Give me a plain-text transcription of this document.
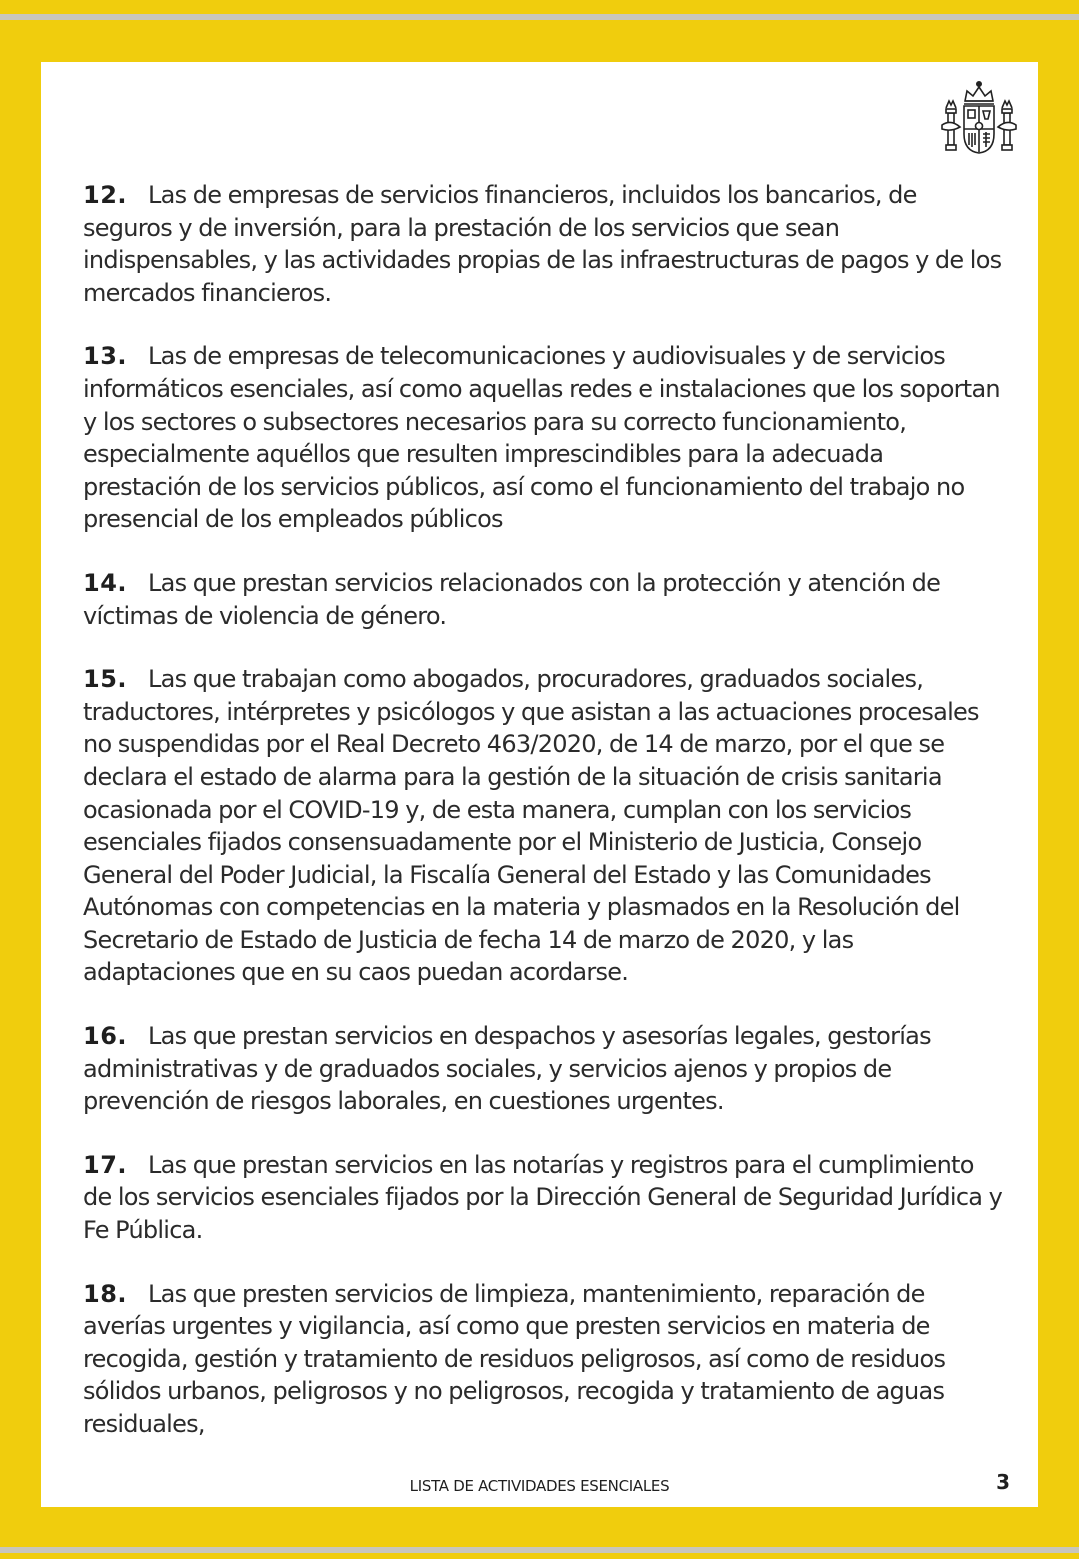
12. Las de empresas de servicios financieros, incluidos los bancarios, de seguros y de inversión, para la prestación de los servicios que sean indispensables, y las actividades propias de las infraestructuras de pagos y de los mercados financieros.

13. Las de empresas de telecomunicaciones y audiovisuales y de servicios informáticos esenciales, así como aquellas redes e instalaciones que los soportan y los sectores o subsectores necesarios para su correcto funcionamiento, especialmente aquéllos que resulten imprescindibles para la adecuada prestación de los servicios públicos, así como el funcionamiento del trabajo no presencial de los empleados públicos

14. Las que prestan servicios relacionados con la protección y atención de víctimas de violencia de género.

15. Las que trabajan como abogados, procuradores, graduados sociales, traductores, intérpretes y psicólogos y que asistan a las actuaciones procesales no suspendidas por el Real Decreto 463/2020, de 14 de marzo, por el que se declara el estado de alarma para la gestión de la situación de crisis sanitaria ocasionada por el COVID-19 y, de esta manera, cumplan con los servicios esenciales fijados consensuadamente por el Ministerio de Justicia, Consejo General del Poder Judicial, la Fiscalía General del Estado y las Comunidades Autónomas con competencias en la materia y plasmados en la Resolución del Secretario de Estado de Justicia de fecha 14 de marzo de 2020, y las adaptaciones que en su caos puedan acordarse.

16. Las que prestan servicios en despachos y asesorías legales, gestorías administrativas y de graduados sociales, y servicios ajenos y propios de prevención de riesgos laborales, en cuestiones urgentes.

17. Las que prestan servicios en las notarías y registros para el cumplimiento de los servicios esenciales fijados por la Dirección General de Seguridad Jurídica y Fe Pública.

18. Las que presten servicios de limpieza, mantenimiento, reparación de averías urgentes y vigilancia, así como que presten servicios en materia de recogida, gestión y tratamiento de residuos peligrosos, así como de residuos sólidos urbanos, peligrosos y no peligrosos, recogida y tratamiento de aguas residuales,

LISTA DE ACTIVIDADES ESENCIALES	3
